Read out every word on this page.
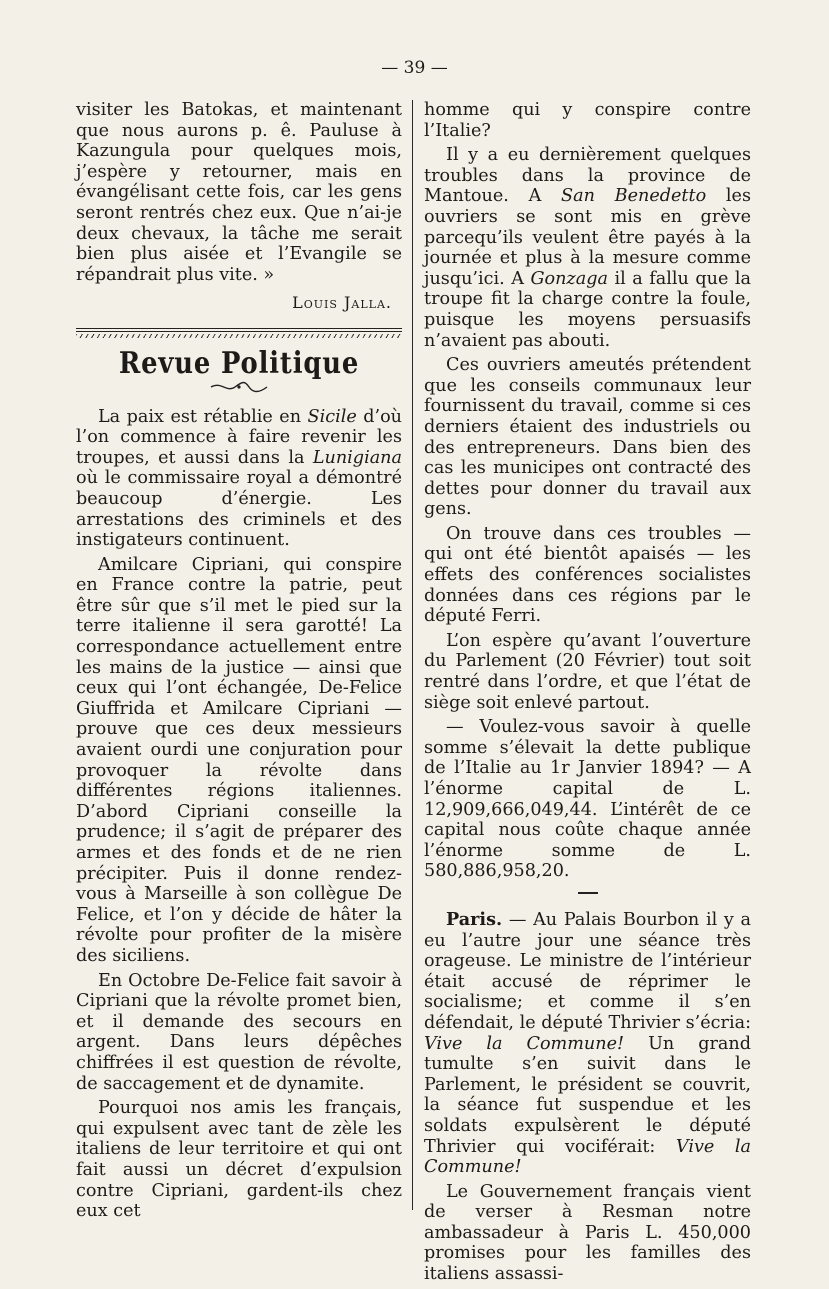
— 39 —

visiter les Batokas, et maintenant que nous aurons p. ê. Pauluse à Kazungula pour quelques mois, j’espère y retourner, mais en évangélisant cette fois, car les gens seront rentrés chez eux. Que n’ai-je deux chevaux, la tâche me serait bien plus aisée et l’Evangile se répandrait plus vite. »

Louis Jalla.
Revue Politique

La paix est rétablie en Sicile d’où l’on commence à faire revenir les troupes, et aussi dans la Lunigiana où le commissaire royal a démontré beaucoup d’énergie. Les arrestations des criminels et des instigateurs continuent.

Amilcare Cipriani, qui conspire en France contre la patrie, peut être sûr que s’il met le pied sur la terre italienne il sera garotté! La correspondance actuellement entre les mains de la justice — ainsi que ceux qui l’ont échangée, De-Felice Giuffrida et Amilcare Cipriani — prouve que ces deux messieurs avaient ourdi une conjuration pour provoquer la révolte dans différentes régions italiennes. D’abord Cipriani conseille la prudence; il s’agit de préparer des armes et des fonds et de ne rien précipiter. Puis il donne rendez-vous à Marseille à son collègue De Felice, et l’on y décide de hâter la révolte pour profiter de la misère des siciliens.

En Octobre De-Felice fait savoir à Cipriani que la révolte promet bien, et il demande des secours en argent. Dans leurs dépêches chiffrées il est question de révolte, de saccagement et de dynamite.

Pourquoi nos amis les français, qui expulsent avec tant de zèle les italiens de leur territoire et qui ont fait aussi un décret d’expulsion contre Cipriani, gardent-ils chez eux cet

homme qui y conspire contre l’Italie?

Il y a eu dernièrement quelques troubles dans la province de Mantoue. A San Benedetto les ouvriers se sont mis en grève parcequ’ils veulent être payés à la journée et plus à la mesure comme jusqu’ici. A Gonzaga il a fallu que la troupe fit la charge contre la foule, puisque les moyens persuasifs n’avaient pas abouti.

Ces ouvriers ameutés prétendent que les conseils communaux leur fournissent du travail, comme si ces derniers étaient des industriels ou des entrepreneurs. Dans bien des cas les municipes ont contracté des dettes pour donner du travail aux gens.

On trouve dans ces troubles — qui ont été bientôt apaisés — les effets des conférences socialistes données dans ces régions par le député Ferri.

L’on espère qu’avant l’ouverture du Parlement (20 Février) tout soit rentré dans l’ordre, et que l’état de siège soit enlevé partout.

— Voulez-vous savoir à quelle somme s’élevait la dette publique de l’Italie au 1r Janvier 1894? — A l’énorme capital de L. 12,909,666,049,44. L’intérêt de ce capital nous coûte chaque année l’énorme somme de L. 580,886,958,20.

Paris. — Au Palais Bourbon il y a eu l’autre jour une séance très orageuse. Le ministre de l’intérieur était accusé de réprimer le socialisme; et comme il s’en défendait, le député Thrivier s’écria: Vive la Commune! Un grand tumulte s’en suivit dans le Parlement, le président se couvrit, la séance fut suspendue et les soldats expulsèrent le député Thrivier qui vociférait: Vive la Commune!

Le Gouvernement français vient de verser à Resman notre ambassadeur à Paris L. 450,000 promises pour les familles des italiens assassi-
